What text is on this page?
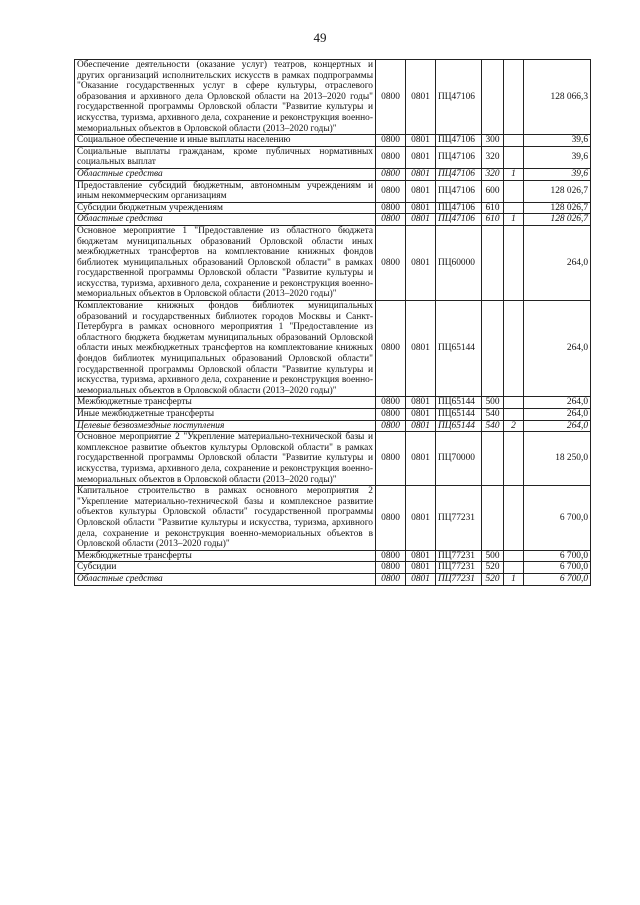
49
Обеспечение деятельности (оказание услуг) театров, концертных и других организаций исполнительских искусств в рамках подпрограммы "Оказание государственных услуг в сфере культуры, отраслевого образования и архивного дела Орловской области на 2013–2020 годы" государственной программы Орловской области "Развитие культуры и искусства, туризма, архивного дела, сохранение и реконструкция военно-мемориальных объектов в Орловской области (2013–2020 годы)"	0800	0801	ПЦ47106			128 066,3
Социальное обеспечение и иные выплаты населению	0800	0801	ПЦ47106	300		39,6
Социальные выплаты гражданам, кроме публичных нормативных социальных выплат	0800	0801	ПЦ47106	320		39,6
Областные средства	0800	0801	ПЦ47106	320	1	39,6
Предоставление субсидий бюджетным, автономным учреждениям и иным некоммерческим организациям	0800	0801	ПЦ47106	600		128 026,7
Субсидии бюджетным учреждениям	0800	0801	ПЦ47106	610		128 026,7
Областные средства	0800	0801	ПЦ47106	610	1	128 026,7
Основное мероприятие 1 "Предоставление из областного бюджета бюджетам муниципальных образований Орловской области иных межбюджетных трансфертов на комплектование книжных фондов библиотек муниципальных образований Орловской области" в рамках государственной программы Орловской области "Развитие культуры и искусства, туризма, архивного дела, сохранение и реконструкция военно-мемориальных объектов в Орловской области (2013–2020 годы)"	0800	0801	ПЦ60000			264,0
Комплектование книжных фондов библиотек муниципальных образований и государственных библиотек городов Москвы и Санкт-Петербурга в рамках основного мероприятия 1 "Предоставление из областного бюджета бюджетам муниципальных образований Орловской области иных межбюджетных трансфертов на комплектование книжных фондов библиотек муниципальных образований Орловской области" государственной программы Орловской области "Развитие культуры и искусства, туризма, архивного дела, сохранение и реконструкция военно-мемориальных объектов в Орловской области (2013–2020 годы)"	0800	0801	ПЦ65144			264,0
Межбюджетные трансферты	0800	0801	ПЦ65144	500		264,0
Иные межбюджетные трансферты	0800	0801	ПЦ65144	540		264,0
Целевые безвозмездные поступления	0800	0801	ПЦ65144	540	2	264,0
Основное мероприятие 2 "Укрепление материально-технической базы и комплексное развитие объектов культуры Орловской области" в рамках государственной программы Орловской области "Развитие культуры и искусства, туризма, архивного дела, сохранение и реконструкция военно-мемориальных объектов в Орловской области (2013–2020 годы)"	0800	0801	ПЦ70000			18 250,0
Капитальное строительство в рамках основного мероприятия 2 "Укрепление материально-технической базы и комплексное развитие объектов культуры Орловской области" государственной программы Орловской области "Развитие культуры и искусства, туризма, архивного дела, сохранение и реконструкция военно-мемориальных объектов в Орловской области (2013–2020 годы)"	0800	0801	ПЦ77231			6 700,0
Межбюджетные трансферты	0800	0801	ПЦ77231	500		6 700,0
Субсидии	0800	0801	ПЦ77231	520		6 700,0
Областные средства	0800	0801	ПЦ77231	520	1	6 700,0
